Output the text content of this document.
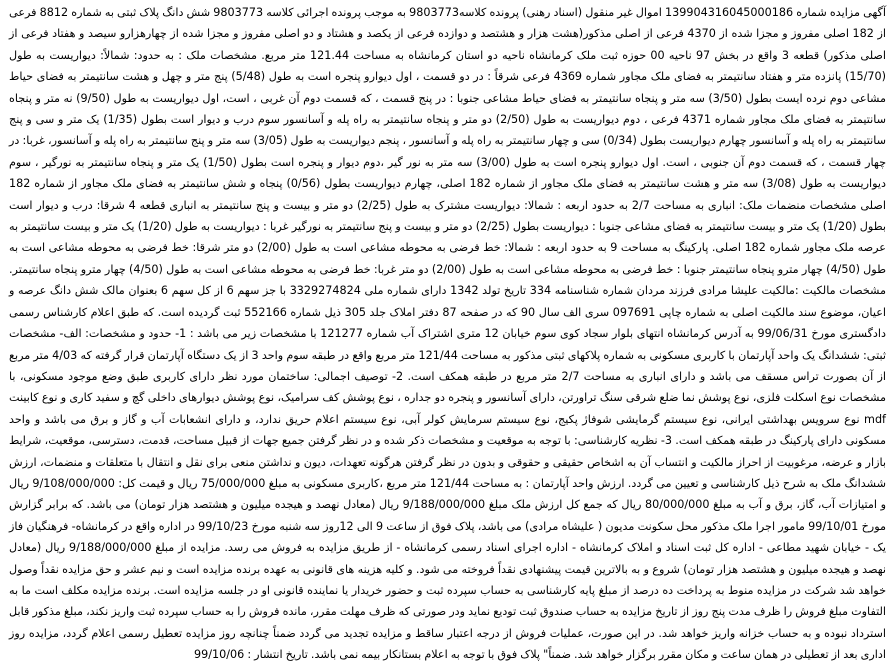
آگهی مزایده شماره 139904316045000186 اموال غیر منقول (اسناد رهنی) پرونده کلاسه9803773 به موجب پرونده اجرائی کلاسه 9803773 شش دانگ پلاک ثبتی به شماره 8812 فرعی از 182 اصلی مفروز و مجزا شده از 4370 فرعی از اصلی مذکور(هشت هزار و هشتصد و دوازده فرعی از یکصد و هشتاد و دو اصلی مفروز و مجزا شده از چهارهزارو سیصد و هفتاد فرعی از اصلی مذکور) قطعه 3 واقع در بخش 97 ناحیه 00 حوزه ثبت ملک کرمانشاه ناحیه دو استان کرمانشاه به مساحت 121.44 متر مربع. مشخصات ملک : به حدود: شمالاً: دیواریست به طول (15/70) پانزده متر و هفتاد سانتیمتر به فضای ملک مجاور شماره 4369 فرعی شرقاً : در دو قسمت ، اول دیوارو پنجره است به طول (5/48) پنج متر و چهل و هشت سانتیمتر به فضای حیاط مشاعی دوم نرده ایست بطول (3/50) سه متر و پنجاه سانتیمتر به فضای حیاط مشاعی جنوبا : در پنج قسمت ، که قسمت دوم آن غربی ، است، اول دیواریست به طول (9/50) نه متر و پنجاه سانتیمتر به فضای ملک مجاور شماره 4371 فرعی ، دوم دیواریست به طول (2/50) دو متر و پنجاه سانتیمتر به راه پله و آسانسور سوم درب و دیوار است بطول (1/35) یک متر و سی و پنج سانتیمتر به راه پله و آسانسور چهارم دیواریست بطول (0/34) سی و چهار سانتیمتر به راه پله و آسانسور ، پنجم دیواریست به طول (3/05) سه متر و پنج سانتیمتر به راه پله و آسانسور، غربا: در چهار قسمت ، که قسمت دوم آن جنوبی ، است. اول دیوارو پنجره است به طول (3/00) سه متر به نور گیر ،دوم دیوار و پنجره است بطول (1/50) یک متر و پنجاه سانتیمتر به نورگیر ، سوم دیواریست به طول (3/08) سه متر و هشت سانتیمتر به فضای ملک مجاور از شماره 182 اصلی، چهارم دیواریست بطول (0/56) پنجاه و شش سانتیمتر به فضای ملک مجاور از شماره 182 اصلی مشخصات منضمات ملک: انباری به مساحت 2/7 به حدود اربعه : شمالا: دیواریست مشترک به طول (2/25) دو متر و بیست و پنج سانتیمتر به انباری قطعه 4 شرقا: درب و دیوار است بطول (1/20) یک متر و بیست سانتیمتر به فضای مشاعی جنوبا : دیواریست بطول (2/25) دو متر و بیست و پنج سانتیمتر به نورگیر غربا : دیواریست به طول (1/20) یک متر و بیست سانتیمتر به عرصه ملک مجاور شماره 182 اصلی. پارکینگ به مساحت 9 به حدود اربعه : شمالا: خط فرضی به محوطه مشاعی است به طول (2/00) دو متر شرقا: خط فرضی به محوطه مشاعی است به طول (4/50) چهار مترو پنجاه سانتیمتر جنوبا : خط فرضی به محوطه مشاعی است به طول (2/00) دو متر غربا: خط فرضی به محوطه مشاعی است به طول (4/50) چهار مترو پنجاه سانتیمتر. مشخصات مالکیت :مالکیت علیشا مرادی فرزند مردان شماره شناسنامه 334 تاریخ تولد 1342 دارای شماره ملی 3329274824 با جز سهم 6 از کل سهم 6 بعنوان مالک شش دانگ عرصه و اعیان، موضوع سند مالکیت اصلی به شماره چاپی 097691 سری الف سال 90 که در صفحه 87 دفتر املاک جلد 305 ذیل شماره 552166 ثبت گردیده است. که طبق اعلام کارشناس رسمی دادگستری مورخ 99/06/31 به آدرس کرمانشاه انتهای بلوار سجاد کوی سوم خیابان 12 متری اشتراک آب شماره 121277 با مشخصات زیر می باشد : 1- حدود و مشخصات: الف- مشخصات ثبتی: ششدانگ یک واحد آپارتمان با کاربری مسکونی به شماره پلاکهای ثبتی مذکور به مساحت 121/44 متر مربع واقع در طبقه سوم واحد 3 از یک دستگاه آپارتمان قرار گرفته که 4/03 متر مربع از آن بصورت تراس مسقف می باشد و دارای انباری به مساحت 2/7 متر مربع در طبقه همکف است. 2- توصیف اجمالی: ساختمان مورد نظر دارای کاربری طبق وضع موجود مسکونی، با مشخصات نوع اسکلت فلزی، نوع پوشش نما ضلع شرقی سنگ تراورتن، دارای آسانسور و پنجره دو جداره ، نوع پوشش کف سرامیک، نوع پوشش دیوارهای داخلی گچ و سفید کاری و نوع کابینت mdf نوع سرویس بهداشتی ایرانی، نوع سیستم گرمایشی شوفاژ پکیج، نوع سیستم سرمایش کولر آبی، نوع سیستم اعلام حریق ندارد، و دارای انشعابات آب و گاز و برق می باشد و واحد مسکونی دارای پارکینگ در طبقه همکف است. 3- نظریه کارشناسی: با توجه به موقعیت و مشخصات ذکر شده و در نظر گرفتن جمیع جهات از قبیل مساحت، قدمت، دسترسی، موقعیت، شرایط بازار و عرضه، مرغوبیت از احراز مالکیت و انتساب آن به اشخاص حقیقی و حقوقی و بدون در نظر گرفتن هرگونه تعهدات، دیون و نداشتن منعی برای نقل و انتقال با متعلقات و منضمات، ارزش ششدانگ ملک به شرح ذیل کارشناسی و تعیین می گردد. ارزش واحد آپارتمان : به مساحت 121/44 متر مربع ،کاربری مسکونی به مبلغ 75/000/000 ریال و قیمت کل: 9/108/000/000 ریال و امتیازات آب، گاز، برق و آب به مبلغ 80/000/000 ریال که جمع کل ارزش ملک مبلغ 9/188/000/000 ریال (معادل نهصد و هیجده میلیون و هشتصد هزار تومان) می باشد. که برابر گزارش مورخ 99/10/01 مامور اجرا ملک مذکور محل سکونت مدیون ( علیشاه مرادی) می باشد، پلاک فوق از ساعت 9 الی 12روز سه شنبه مورخ 99/10/23 در اداره واقع در کرمانشاه- فرهنگیان فاز یک - خیابان شهید مطاعی - اداره کل ثبت اسناد و املاک کرمانشاه - اداره اجرای اسناد رسمی کرمانشاه - از طریق مزایده به فروش می رسد. مزایده از مبلغ 9/188/000/000 ریال (معادل نهصد و هیجده میلیون و هشتصد هزار تومان) شروع و به بالاترین قیمت پیشنهادی نقداً فروخته می شود. و کلیه هزینه های قانونی به عهده برنده مزایده است و نیم عشر و حق مزایده نقداً وصول خواهد شد شرکت در مزایده منوط به پرداخت ده درصد از مبلغ پایه کارشناسی به حساب سپرده ثبت و حضور خریدار یا نماینده قانونی او در جلسه مزایده است. برنده مزایده مکلف است ما به التفاوت مبلغ فروش را ظرف مدت پنج روز از تاریخ مزایده به حساب صندوق ثبت تودیع نماید ودر صورتی که ظرف مهلت مقرر، مانده فروش را به حساب سپرده ثبت واریز نکند، مبلغ مذکور قابل استرداد نبوده و به حساب خزانه واریز خواهد شد. در این صورت، عملیات فروش از درجه اعتبار ساقط و مزایده تجدید می گردد ضمناً چنانچه روز مزایده تعطیل رسمی اعلام گردد، مزایده روز اداری بعد از تعطیلی در همان ساعت و مکان مقرر برگزار خواهد شد. ضمناً" پلاک فوق با توجه به اعلام بستانکار بیمه نمی باشد. تاریخ انتشار : 99/10/06
